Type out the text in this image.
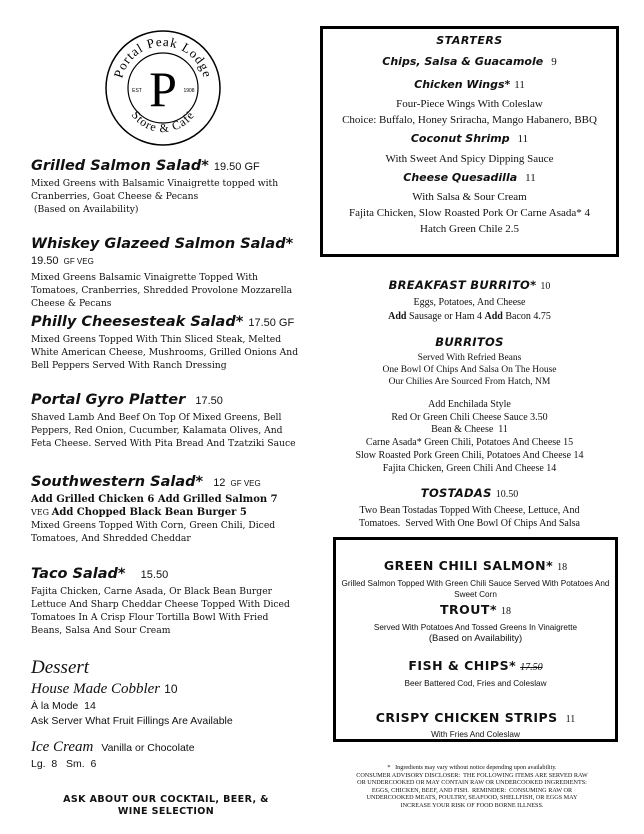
Portal Peak Lodge
Store & Café
P
EST	1908
Grilled Salmon Salad* 19.50 GF
Mixed Greens with Balsamic Vinaigrette topped with
Cranberries, Goat Cheese & Pecans
(Based on Availability)
Whiskey Glazeed Salmon Salad* 19.50 GF VEG
Mixed Greens Balsamic Vinaigrette Topped With
Tomatoes, Cranberries, Shredded Provolone Mozzarella
Cheese & Pecans
Philly Cheesesteak Salad* 17.50 GF
Mixed Greens Topped With Thin Sliced Steak, Melted
White American Cheese, Mushrooms, Grilled Onions And
Bell Peppers Served With Ranch Dressing
Portal Gyro Platter 17.50
Shaved Lamb And Beef On Top Of Mixed Greens, Bell
Peppers, Red Onion, Cucumber, Kalamata Olives, And
Feta Cheese. Served With Pita Bread And Tzatziki Sauce
Southwestern Salad* 12 GF VEG
Add Grilled Chicken 6 Add Grilled Salmon 7
VEG Add Chopped Black Bean Burger 5
Mixed Greens Topped With Corn, Green Chili, Diced
Tomatoes, And Shredded Cheddar
Taco Salad* 15.50
Fajita Chicken, Carne Asada, Or Black Bean Burger
Lettuce And Sharp Cheddar Cheese Topped With Diced
Tomatoes In A Crisp Flour Tortilla Bowl With Fried
Beans, Salsa And Sour Cream
Dessert
House Made Cobbler 10
À la Mode  14
Ask Server What Fruit Fillings Are Available
Ice Cream Vanilla or Chocolate
Lg.  8   Sm.  6
ASK ABOUT OUR COCKTAIL, BEER, &
WINE SELECTION
STARTERS
Chips, Salsa & Guacamole 9
Chicken Wings* 11
Four-Piece Wings With Coleslaw
Choice: Buffalo, Honey Sriracha, Mango Habanero, BBQ
Coconut Shrimp 11
With Sweet And Spicy Dipping Sauce
Cheese Quesadilla 11
With Salsa & Sour Cream
Fajita Chicken, Slow Roasted Pork Or Carne Asada* 4
Hatch Green Chile 2.5
BREAKFAST BURRITO* 10
Eggs, Potatoes, And Cheese
Add Sausage or Ham 4 Add Bacon 4.75
BURRITOS
Served With Refried Beans
One Bowl Of Chips And Salsa On The House
Our Chilies Are Sourced From Hatch, NM
Add Enchilada Style
Red Or Green Chili Cheese Sauce 3.50
Bean & Cheese  11
Carne Asada* Green Chili, Potatoes And Cheese 15
Slow Roasted Pork Green Chili, Potatoes And Cheese 14
Fajita Chicken, Green Chili And Cheese 14
TOSTADAS 10.50
Two Bean Tostadas Topped With Cheese, Lettuce, And
Tomatoes.  Served With One Bowl Of Chips And Salsa
GREEN CHILI SALMON* 18
Grilled Salmon Topped With Green Chili Sauce Served With Potatoes And
Sweet Corn
TROUT* 18
Served With Potatoes And Tossed Greens In Vinaigrette
(Based on Availability)
FISH & CHIPS* 17.50
Beer Battered Cod, Fries and Coleslaw
CRISPY CHICKEN STRIPS 11
With Fries And Coleslaw
*   Ingredients may vary without notice depending upon availability.
CONSUMER ADVISORY DISCLOSER:  THE FOLLOWING ITEMS ARE SERVED RAW
OR UNDERCOOKED OR MAY CONTAIN RAW OR UNDERCOOKED INGREDIENTS:
EGGS, CHICKEN, BEEF, AND FISH.  REMINDER:  CONSUMING RAW OR
UNDERCOOKED MEATS, POULTRY, SEAFOOD, SHELLFISH, OR EGGS MAY
INCREASE YOUR RISK OF FOOD BORNE ILLNESS.
